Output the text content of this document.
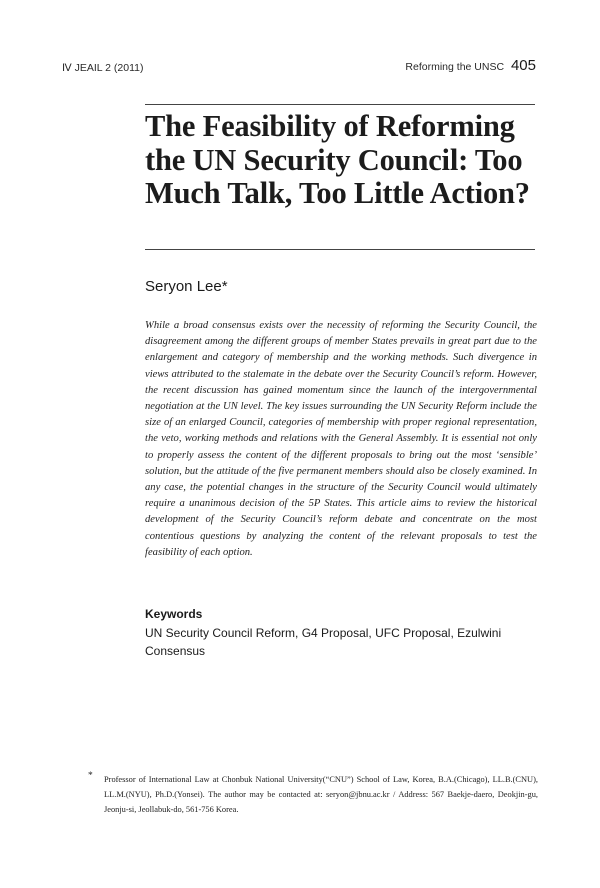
Ⅳ JEAIL 2 (2011)	Reforming the UNSC 405
The Feasibility of Reforming the UN Security Council: Too Much Talk, Too Little Action?
Seryon Lee*

While a broad consensus exists over the necessity of reforming the Security Council, the disagreement among the different groups of member States prevails in great part due to the enlargement and category of membership and the working methods. Such divergence in views attributed to the stalemate in the debate over the Security Council’s reform. However, the recent discussion has gained momentum since the launch of the intergovernmental negotiation at the UN level. The key issues surrounding the UN Security Reform include the size of an enlarged Council, categories of membership with proper regional representation, the veto, working methods and relations with the General Assembly. It is essential not only to properly assess the content of the different proposals to bring out the most ‘sensible’ solution, but the attitude of the five permanent members should also be closely examined. In any case, the potential changes in the structure of the Security Council would ultimately require a unanimous decision of the 5P States. This article aims to review the historical development of the Security Council’s reform debate and concentrate on the most contentious questions by analyzing the content of the relevant proposals to test the feasibility of each option.

Keywords

UN Security Council Reform, G4 Proposal, UFC Proposal, Ezulwini Consensus

* Professor of International Law at Chonbuk National University(“CNU”) School of Law, Korea, B.A.(Chicago), LL.B.(CNU), LL.M.(NYU), Ph.D.(Yonsei). The author may be contacted at: seryon@jbnu.ac.kr / Address: 567 Baekje-daero, Deokjin-gu, Jeonju-si, Jeollabuk-do, 561-756 Korea.
